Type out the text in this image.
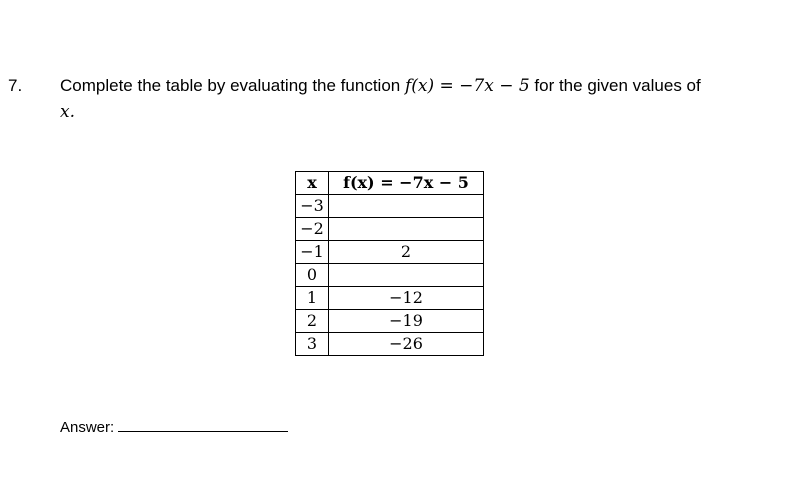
7. Complete the table by evaluating the function f(x) = −7x − 5 for the given values of
x.
x	f(x) = −7x − 5
−3	
−2	
−1	2
0	
1	−12
2	−19
3	−26
Answer:
